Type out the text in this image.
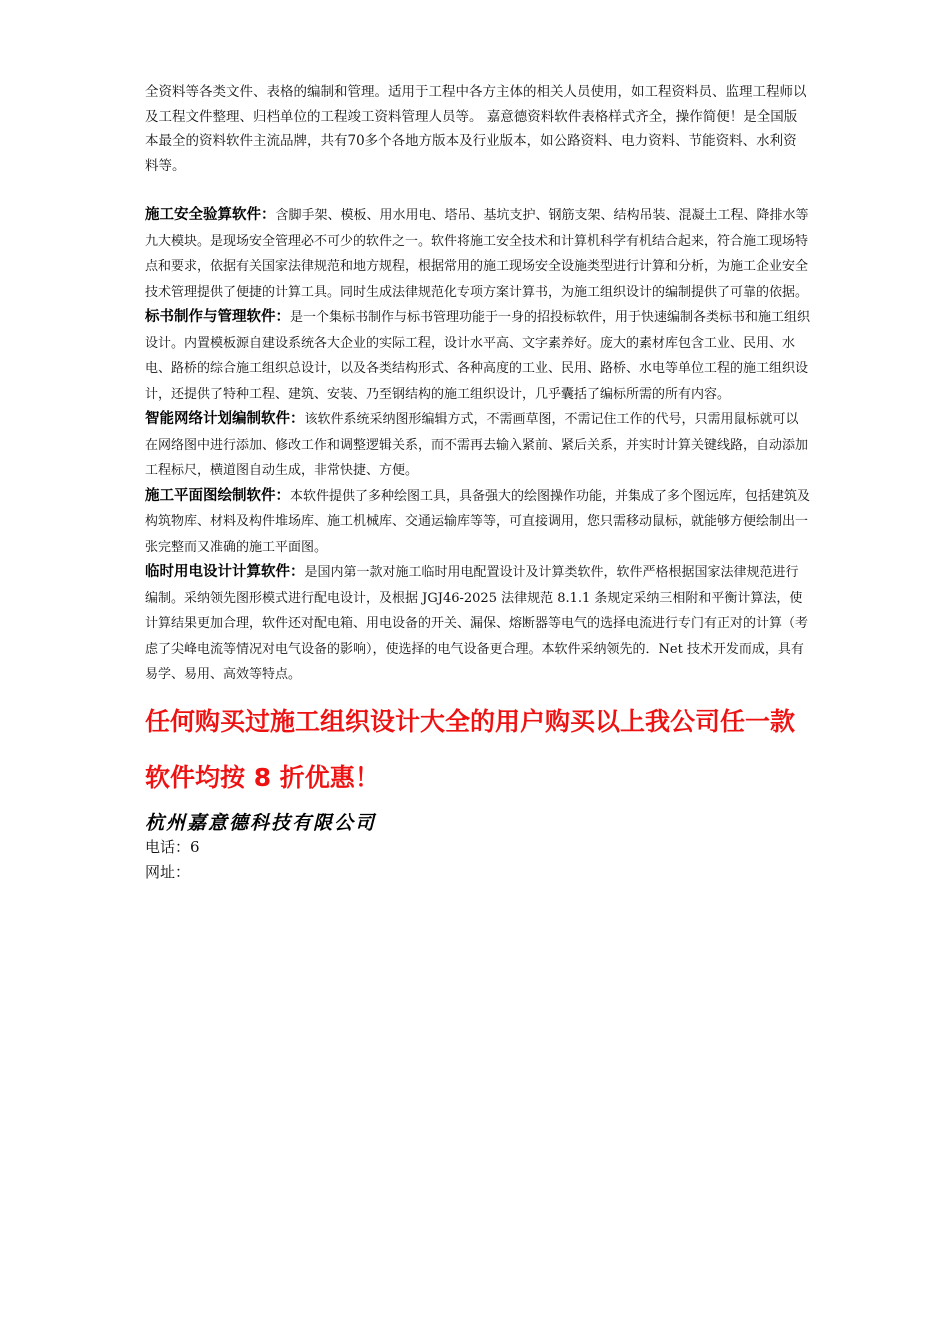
全资料等各类文件、表格的编制和管理。适用于工程中各方主体的相关人员使用，如工程资料员、监理工程师以及工程文件整理、归档单位的工程竣工资料管理人员等。 嘉意德资料软件表格样式齐全，操作简便！是全国版本最全的资料软件主流品牌，共有70多个各地方版本及行业版本，如公路资料、电力资料、节能资料、水利资料等。

施工安全验算软件：含脚手架、模板、用水用电、塔吊、基坑支护、钢筋支架、结构吊装、混凝土工程、降排水等九大模块。是现场安全管理必不可少的软件之一。软件将施工安全技术和计算机科学有机结合起来，符合施工现场特点和要求，依据有关国家法律规范和地方规程，根据常用的施工现场安全设施类型进行计算和分析，为施工企业安全技术管理提供了便捷的计算工具。同时生成法律规范化专项方案计算书，为施工组织设计的编制提供了可靠的依据。

标书制作与管理软件：是一个集标书制作与标书管理功能于一身的招投标软件，用于快速编制各类标书和施工组织设计。内置模板源自建设系统各大企业的实际工程，设计水平高、文字素养好。庞大的素材库包含工业、民用、水电、路桥的综合施工组织总设计，以及各类结构形式、各种高度的工业、民用、路桥、水电等单位工程的施工组织设计，还提供了特种工程、建筑、安装、乃至钢结构的施工组织设计，几乎囊括了编标所需的所有内容。

智能网络计划编制软件：该软件系统采纳图形编辑方式，不需画草图，不需记住工作的代号，只需用鼠标就可以在网络图中进行添加、修改工作和调整逻辑关系，而不需再去输入紧前、紧后关系，并实时计算关键线路，自动添加工程标尺，横道图自动生成，非常快捷、方便。

施工平面图绘制软件：本软件提供了多种绘图工具，具备强大的绘图操作功能，并集成了多个图远库，包括建筑及构筑物库、材料及构件堆场库、施工机械库、交通运输库等等，可直接调用，您只需移动鼠标，就能够方便绘制出一张完整而又准确的施工平面图。

临时用电设计计算软件：是国内第一款对施工临时用电配置设计及计算类软件，软件严格根据国家法律规范进行编制。采纳领先图形模式进行配电设计，及根据 JGJ46-2025 法律规范 8.1.1 条规定采纳三相附和平衡计算法，使计算结果更加合理，软件还对配电箱、用电设备的开关、漏保、熔断器等电气的选择电流进行专门有正对的计算（考虑了尖峰电流等情况对电气设备的影响），使选择的电气设备更合理。本软件采纳领先的．Net 技术开发而成，具有易学、易用、高效等特点。

任何购买过施工组织设计大全的用户购买以上我公司任一款软件均按 8 折优惠！

杭州嘉意德科技有限公司

电话：6

网址：
